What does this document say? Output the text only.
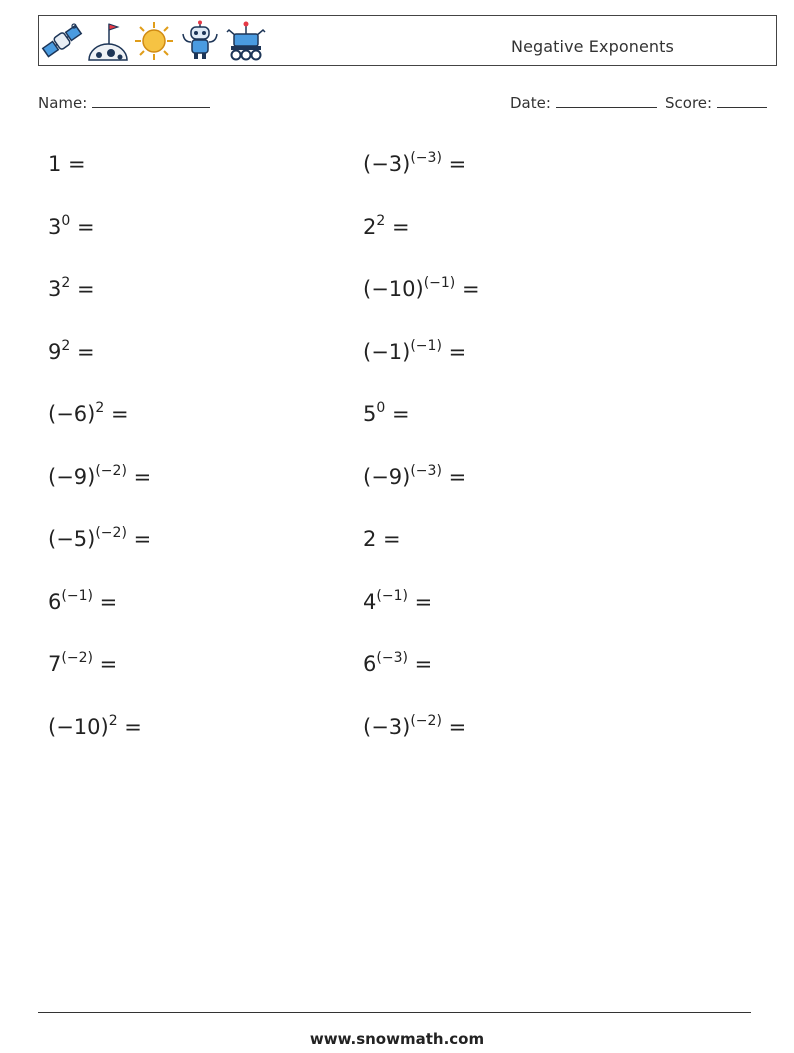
Negative Exponents
Name:	Date:	Score:
1 =
$3^0$ =
$3^2$ =
$9^2$ =
$(-6)^2$ =
$(-9)^{(-2)}$ =
$(-5)^{(-2)}$ =
$6^{(-1)}$ =
$7^{(-2)}$ =
$(-10)^2$ =
$(-3)^{(-3)}$ =
$2^2$ =
$(-10)^{(-1)}$ =
$(-1)^{(-1)}$ =
$5^0$ =
$(-9)^{(-3)}$ =
2 =
$4^{(-1)}$ =
$6^{(-3)}$ =
$(-3)^{(-2)}$ =
www.snowmath.com
